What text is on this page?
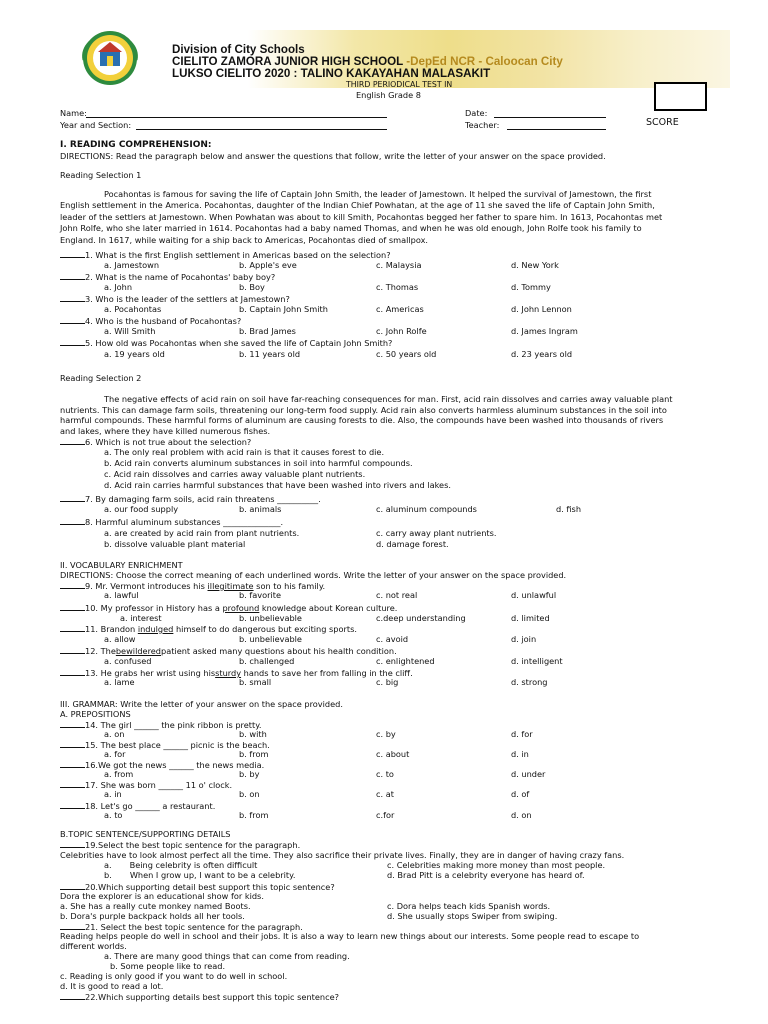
Division of City Schools
CIELITO ZAMORA JUNIOR HIGH SCHOOL -DepEd NCR - Caloocan City
LUKSO CIELITO 2020 : TALINO KAKAYAHAN MALASAKIT
THIRD PERIODICAL TEST IN
English Grade 8
Name:	Date:
Year and Section:	Teacher:	SCORE
I. READING COMPREHENSION:
DIRECTIONS: Read the paragraph below and answer the questions that follow, write the letter of your answer on the space provided.
Reading Selection 1
Pocahontas is famous for saving the life of Captain John Smith, the leader of Jamestown. It helped the survival of Jamestown, the first
English settlement in the America. Pocahontas, daughter of the Indian Chief Powhatan, at the age of 11 she saved the life of Captain John Smith,
leader of the settlers at Jamestown. When Powhatan was about to kill Smith, Pocahontas begged her father to spare him. In 1613, Pocahontas met
John Rolfe, who she later married in 1614. Pocahontas had a baby named Thomas, and when he was old enough, John Rolfe took his family to
England. In 1617, while waiting for a ship back to Americas, Pocahontas died of smallpox.
1. What is the first English settlement in Americas based on the selection?
a. Jamestown	b. Apple's eve	c. Malaysia	d. New York
2. What is the name of Pocahontas' baby boy?
a. John	b. Boy	c. Thomas	d. Tommy
3. Who is the leader of the settlers at Jamestown?
a. Pocahontas	b. Captain John Smith	c. Americas	d. John Lennon
4. Who is the husband of Pocahontas?
a. Will Smith	b. Brad James	c. John Rolfe	d. James Ingram
5. How old was Pocahontas when she saved the life of Captain John Smith?
a. 19 years old	b. 11 years old	c. 50 years old	d. 23 years old
Reading Selection 2
The negative effects of acid rain on soil have far-reaching consequences for man. First, acid rain dissolves and carries away valuable plant
nutrients. This can damage farm soils, threatening our long-term food supply. Acid rain also converts harmless aluminum substances in the soil into
harmful compounds. These harmful forms of aluminum are causing forests to die. Also, the compounds have been washed into thousands of rivers
and lakes, where they have killed numerous fishes.
6. Which is not true about the selection?
a. The only real problem with acid rain is that it causes forest to die.
b. Acid rain converts aluminum substances in soil into harmful compounds.
c. Acid rain dissolves and carries away valuable plant nutrients.
d. Acid rain carries harmful substances that have been washed into rivers and lakes.
7. By damaging farm soils, acid rain threatens __________.
a. our food supply	b. animals	c. aluminum compounds	d. fish
8. Harmful aluminum substances ______________.
a. are created by acid rain from plant nutrients.	c. carry away plant nutrients.
b. dissolve valuable plant material	d. damage forest.
II. VOCABULARY ENRICHMENT
DIRECTIONS: Choose the correct meaning of each underlined words. Write the letter of your answer on the space provided.
9. Mr. Vermont introduces his illegitimate son to his family.
a. lawful	b. favorite	c. not real	d. unlawful
10. My professor in History has a profound knowledge about Korean culture.
a. interest	b. unbelievable	c.deep understanding	d. limited
11. Brandon indulged himself to do dangerous but exciting sports.
a. allow	b. unbelievable	c. avoid	d. join
12. Thebewilderedpatient asked many questions about his health condition.
a. confused	b. challenged	c. enlightened	d. intelligent
13. He grabs her wrist using hissturdy hands to save her from falling in the cliff.
a. lame	b. small	c. big	d. strong
III. GRAMMAR: Write the letter of your answer on the space provided.
A. PREPOSITIONS
14. The girl ______ the pink ribbon is pretty.
a. on	b. with	c. by	d. for
15. The best place ______ picnic is the beach.
a. for	b. from	c. about	d. in
16.We got the news ______ the news media.
a. from	b. by	c. to	d. under
17. She was born ______ 11 o' clock.
a. in	b. on	c. at	d. of
18. Let's go ______ a restaurant.
a. to	b. from	c.for	d. on
B.TOPIC SENTENCE/SUPPORTING DETAILS
19.Select the best topic sentence for the paragraph.
Celebrities have to look almost perfect all the time. They also sacrifice their private lives. Finally, they are in danger of having crazy fans.
a. Being celebrity is often difficult
b. When I grow up, I want to be a celebrity.
c. Celebrities making more money than most people.
d. Brad Pitt is a celebrity everyone has heard of.
20.Which supporting detail best support this topic sentence?
Dora the explorer is an educational show for kids.
a. She has a really cute monkey named Boots.	c. Dora helps teach kids Spanish words.
b. Dora's purple backpack holds all her tools.	d. She usually stops Swiper from swiping.
21. Select the best topic sentence for the paragraph.
Reading helps people do well in school and their jobs. It is also a way to learn new things about our interests. Some people read to escape to
different worlds.
a. There are many good things that can come from reading.
b. Some people like to read.
c. Reading is only good if you want to do well in school.
d. It is good to read a lot.
22.Which supporting details best support this topic sentence?
